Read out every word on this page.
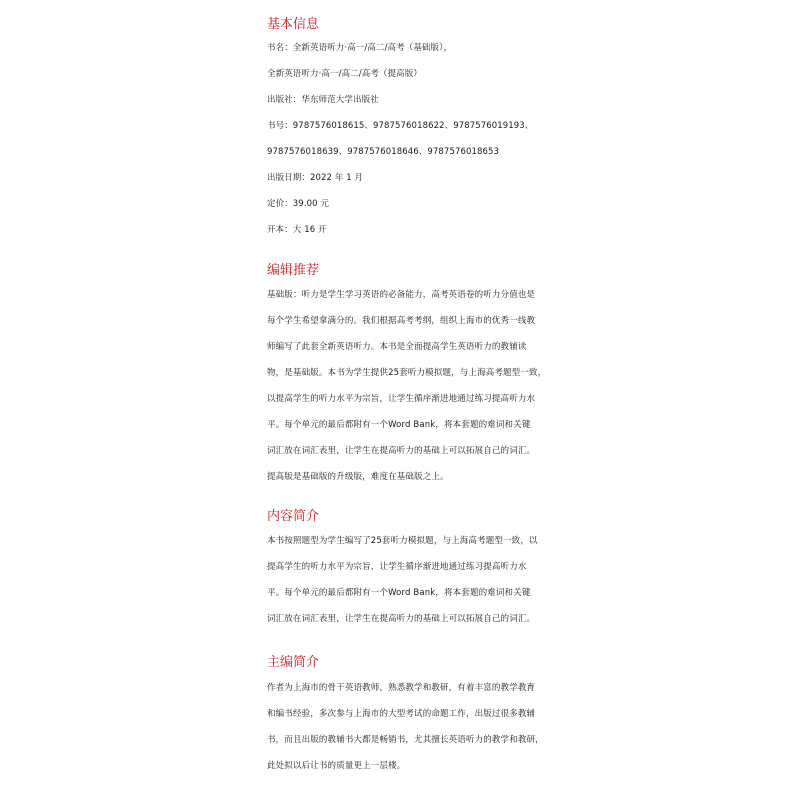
基本信息
书名：全新英语听力·高一/高二/高考（基础版），
全新英语听力·高一/高二/高考（提高版）
出版社：华东师范大学出版社
书号：9787576018615、9787576018622、9787576019193、
9787576018639、9787576018646、9787576018653
出版日期：2022 年 1 月
定价：39.00 元
开本：大 16 开
编辑推荐
基础版：听力是学生学习英语的必备能力，高考英语卷的听力分值也是
每个学生希望拿满分的。我们根据高考考纲，组织上海市的优秀一线教
师编写了此套全新英语听力。本书是全面提高学生英语听力的教辅读
物，是基础版。本书为学生提供25套听力模拟题，与上海高考题型一致，
以提高学生的听力水平为宗旨，让学生循序渐进地通过练习提高听力水
平。每个单元的最后都附有一个Word Bank，将本套题的难词和关键
词汇放在词汇表里，让学生在提高听力的基础上可以拓展自己的词汇。
提高版是基础版的升级版，难度在基础版之上。
内容简介
本书按照题型为学生编写了25套听力模拟题，与上海高考题型一致，以
提高学生的听力水平为宗旨，让学生循序渐进地通过练习提高听力水
平。每个单元的最后都附有一个Word Bank，将本套题的难词和关键
词汇放在词汇表里，让学生在提高听力的基础上可以拓展自己的词汇。
主编简介
作者为上海市的骨干英语教师，熟悉教学和教研，有着丰富的教学教育
和编书经验，多次参与上海市的大型考试的命题工作，出版过很多教辅
书，而且出版的教辅书大都是畅销书，尤其擅长英语听力的教学和教研，
此处拟以后让书的质量更上一层楼。
